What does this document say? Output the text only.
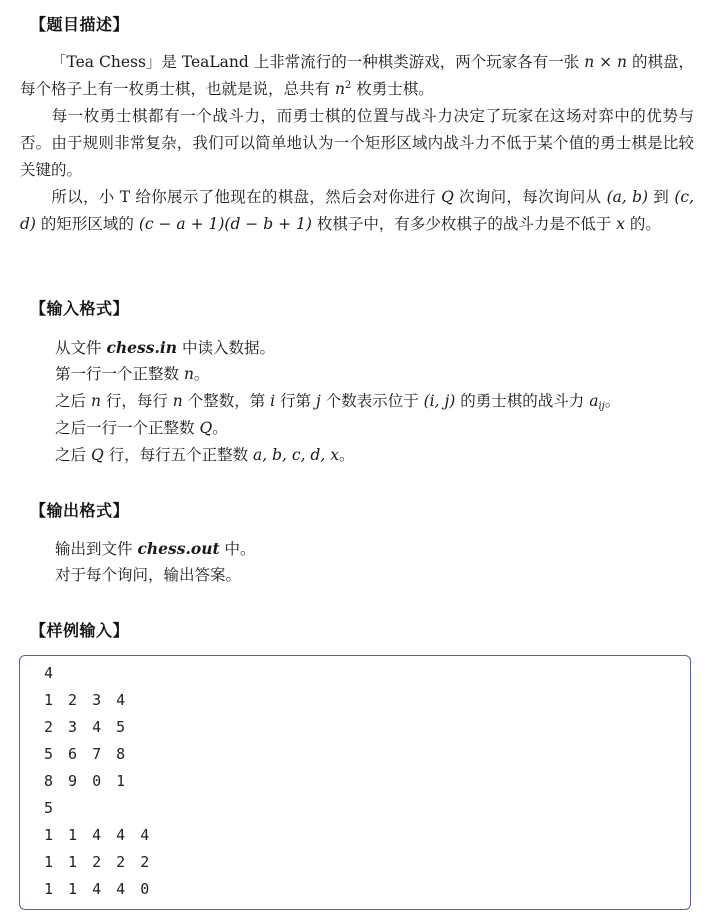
【题目描述】

「Tea Chess」是 TeaLand 上非常流行的一种棋类游戏，两个玩家各有一张 n × n 的棋盘，每个格子上有一枚勇士棋，也就是说，总共有 $n^2$ 枚勇士棋。

每一枚勇士棋都有一个战斗力，而勇士棋的位置与战斗力决定了玩家在这场对弈中的优势与否。由于规则非常复杂，我们可以简单地认为一个矩形区域内战斗力不低于某个值的勇士棋是比较关键的。

所以，小 T 给你展示了他现在的棋盘，然后会对你进行 Q 次询问，每次询问从 (a, b) 到 (c, d) 的矩形区域的 (c − a + 1)(d − b + 1) 枚棋子中，有多少枚棋子的战斗力是不低于 x 的。

【输入格式】
从文件 chess.in 中读入数据。
第一行一个正整数 n。
之后 n 行，每行 n 个整数，第 i 行第 j 个数表示位于 (i, j) 的勇士棋的战斗力 $a_{ij}$。
之后一行一个正整数 Q。
之后 Q 行，每行五个正整数 a, b, c, d, x。
【输出格式】
输出到文件 chess.out 中。
对于每个询问，输出答案。
【样例输入】
4
1 2 3 4
2 3 4 5
5 6 7 8
8 9 0 1
5
1 1 4 4 4
1 1 2 2 2
1 1 4 4 0
